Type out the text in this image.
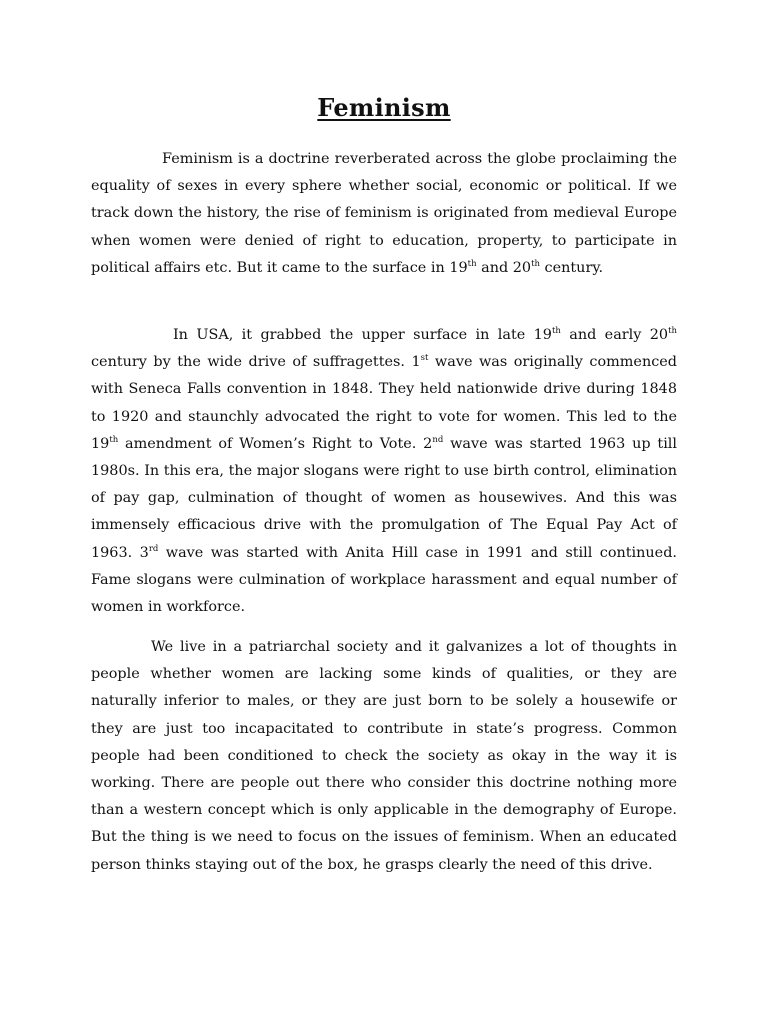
Feminism

Feminism is a doctrine reverberated across the globe proclaiming the equality of sexes in every sphere whether social, economic or political. If we track down the history, the rise of feminism is originated from medieval Europe when women were denied of right to education, property, to participate in political affairs etc. But it came to the surface in 19th and 20th century.

In USA, it grabbed the upper surface in late 19th and early 20th century by the wide drive of suffragettes. 1st wave was originally commenced with Seneca Falls convention in 1848. They held nationwide drive during 1848 to 1920 and staunchly advocated the right to vote for women. This led to the 19th amendment of Women’s Right to Vote. 2nd wave was started 1963 up till 1980s. In this era, the major slogans were right to use birth control, elimination of pay gap, culmination of thought of women as housewives. And this was immensely efficacious drive with the promulgation of The Equal Pay Act of 1963. 3rd wave was started with Anita Hill case in 1991 and still continued. Fame slogans were culmination of workplace harassment and equal number of women in workforce.

We live in a patriarchal society and it galvanizes a lot of thoughts in people whether women are lacking some kinds of qualities, or they are naturally inferior to males, or they are just born to be solely a housewife or they are just too incapacitated to contribute in state’s progress. Common people had been conditioned to check the society as okay in the way it is working. There are people out there who consider this doctrine nothing more than a western concept which is only applicable in the demography of Europe. But the thing is we need to focus on the issues of feminism. When an educated person thinks staying out of the box, he grasps clearly the need of this drive.
